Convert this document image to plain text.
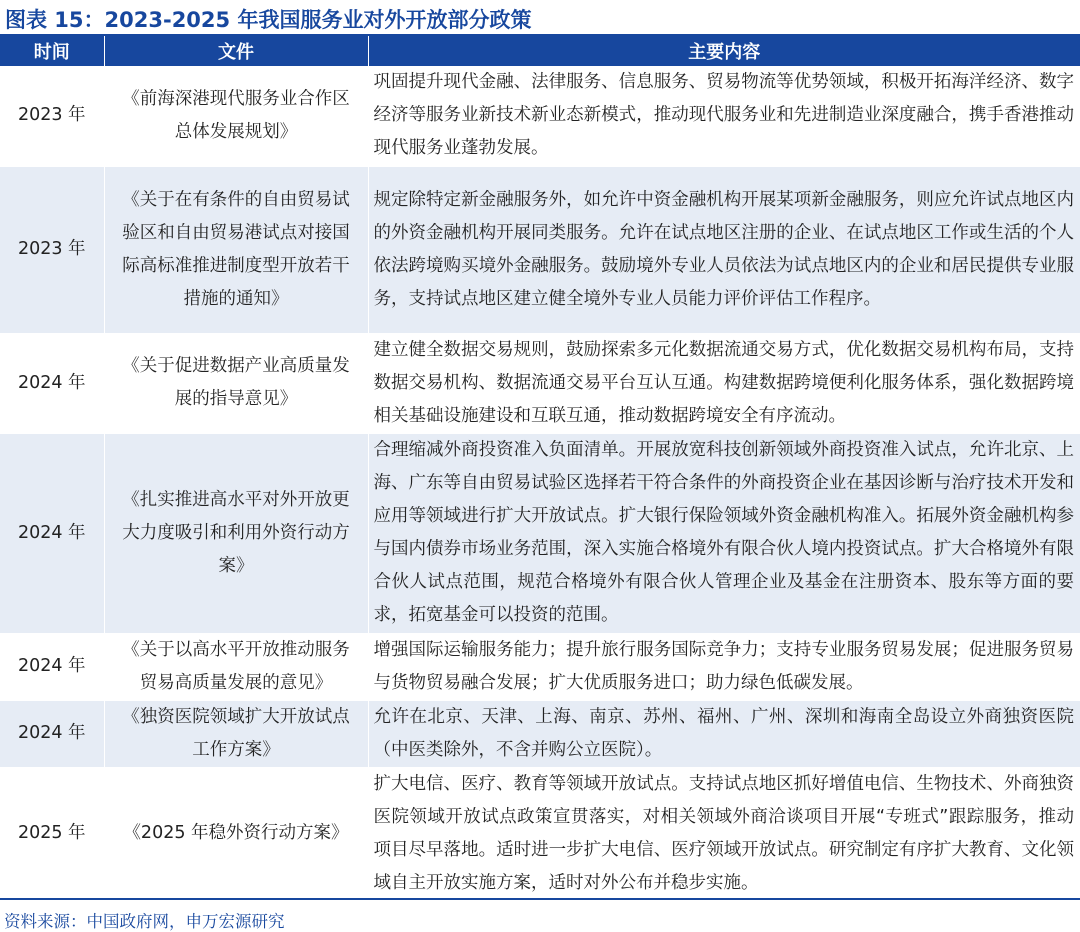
图表 15：2023-2025 年我国服务业对外开放部分政策
时间	文件	主要内容
2023 年	《前海深港现代服务业合作区总体发展规划》	巩固提升现代金融、法律服务、信息服务、贸易物流等优势领域，积极开拓海洋经济、数字经济等服务业新技术新业态新模式，推动现代服务业和先进制造业深度融合，携手香港推动现代服务业蓬勃发展。
2023 年	《关于在有条件的自由贸易试验区和自由贸易港试点对接国际高标准推进制度型开放若干措施的通知》	规定除特定新金融服务外，如允许中资金融机构开展某项新金融服务，则应允许试点地区内的外资金融机构开展同类服务。允许在试点地区注册的企业、在试点地区工作或生活的个人依法跨境购买境外金融服务。鼓励境外专业人员依法为试点地区内的企业和居民提供专业服务，支持试点地区建立健全境外专业人员能力评价评估工作程序。
2024 年	《关于促进数据产业高质量发展的指导意见》	建立健全数据交易规则，鼓励探索多元化数据流通交易方式，优化数据交易机构布局，支持数据交易机构、数据流通交易平台互认互通。构建数据跨境便利化服务体系，强化数据跨境相关基础设施建设和互联互通，推动数据跨境安全有序流动。
2024 年	《扎实推进高水平对外开放更大力度吸引和利用外资行动方案》	合理缩减外商投资准入负面清单。开展放宽科技创新领域外商投资准入试点，允许北京、上海、广东等自由贸易试验区选择若干符合条件的外商投资企业在基因诊断与治疗技术开发和应用等领域进行扩大开放试点。扩大银行保险领域外资金融机构准入。拓展外资金融机构参与国内债券市场业务范围，深入实施合格境外有限合伙人境内投资试点。扩大合格境外有限合伙人试点范围，规范合格境外有限合伙人管理企业及基金在注册资本、股东等方面的要求，拓宽基金可以投资的范围。
2024 年	《关于以高水平开放推动服务贸易高质量发展的意见》	增强国际运输服务能力；提升旅行服务国际竞争力；支持专业服务贸易发展；促进服务贸易与货物贸易融合发展；扩大优质服务进口；助力绿色低碳发展。
2024 年	《独资医院领域扩大开放试点工作方案》	允许在北京、天津、上海、南京、苏州、福州、广州、深圳和海南全岛设立外商独资医院（中医类除外，不含并购公立医院）。
2025 年	《2025 年稳外资行动方案》	扩大电信、医疗、教育等领域开放试点。支持试点地区抓好增值电信、生物技术、外商独资医院领域开放试点政策宣贯落实，对相关领域外商洽谈项目开展“专班式”跟踪服务，推动项目尽早落地。适时进一步扩大电信、医疗领域开放试点。研究制定有序扩大教育、文化领域自主开放实施方案，适时对外公布并稳步实施。
资料来源：中国政府网，申万宏源研究
